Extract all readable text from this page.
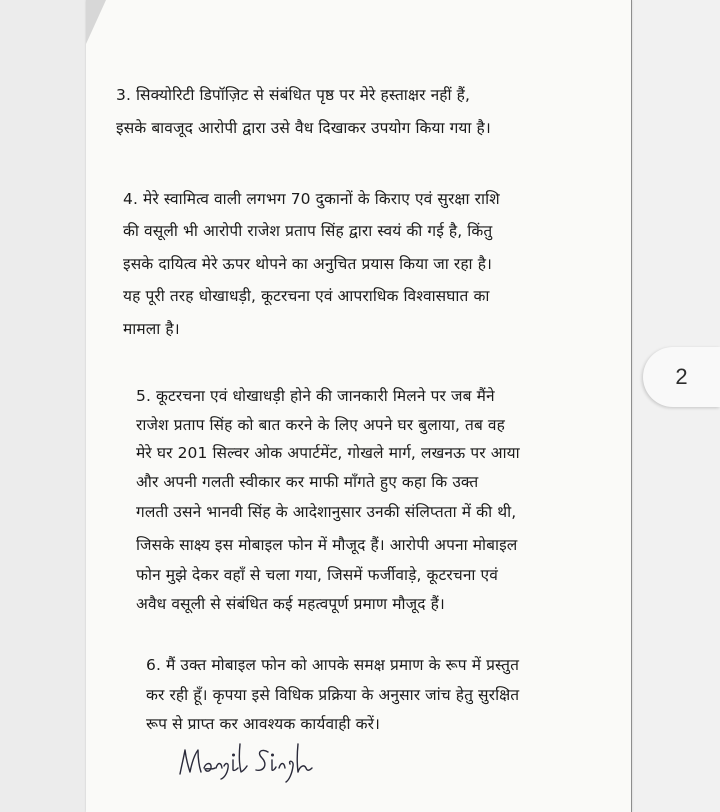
2
3. सिक्योरिटी डिपॉज़िट से संबंधित पृष्ठ पर मेरे हस्ताक्षर नहीं हैं,
इसके बावजूद आरोपी द्वारा उसे वैध दिखाकर उपयोग किया गया है।
4. मेरे स्वामित्व वाली लगभग 70 दुकानों के किराए एवं सुरक्षा राशि
की वसूली भी आरोपी राजेश प्रताप सिंह द्वारा स्वयं की गई है, किंतु
इसके दायित्व मेरे ऊपर थोपने का अनुचित प्रयास किया जा रहा है।
यह पूरी तरह धोखाधड़ी, कूटरचना एवं आपराधिक विश्वासघात का
मामला है।
5. कूटरचना एवं धोखाधड़ी होने की जानकारी मिलने पर जब मैंने
राजेश प्रताप सिंह को बात करने के लिए अपने घर बुलाया, तब वह
मेरे घर 201 सिल्वर ओक अपार्टमेंट, गोखले मार्ग, लखनऊ पर आया
और अपनी गलती स्वीकार कर माफी माँगते हुए कहा कि उक्त
गलती उसने भानवी सिंह के आदेशानुसार उनकी संलिप्तता में की थी,
जिसके साक्ष्य इस मोबाइल फोन में मौजूद हैं। आरोपी अपना मोबाइल
फोन मुझे देकर वहाँ से चला गया, जिसमें फर्जीवाड़े, कूटरचना एवं
अवैध वसूली से संबंधित कई महत्वपूर्ण प्रमाण मौजूद हैं।
6. मैं उक्त मोबाइल फोन को आपके समक्ष प्रमाण के रूप में प्रस्तुत
कर रही हूँ। कृपया इसे विधिक प्रक्रिया के अनुसार जांच हेतु सुरक्षित
रूप से प्राप्त कर आवश्यक कार्यवाही करें।
